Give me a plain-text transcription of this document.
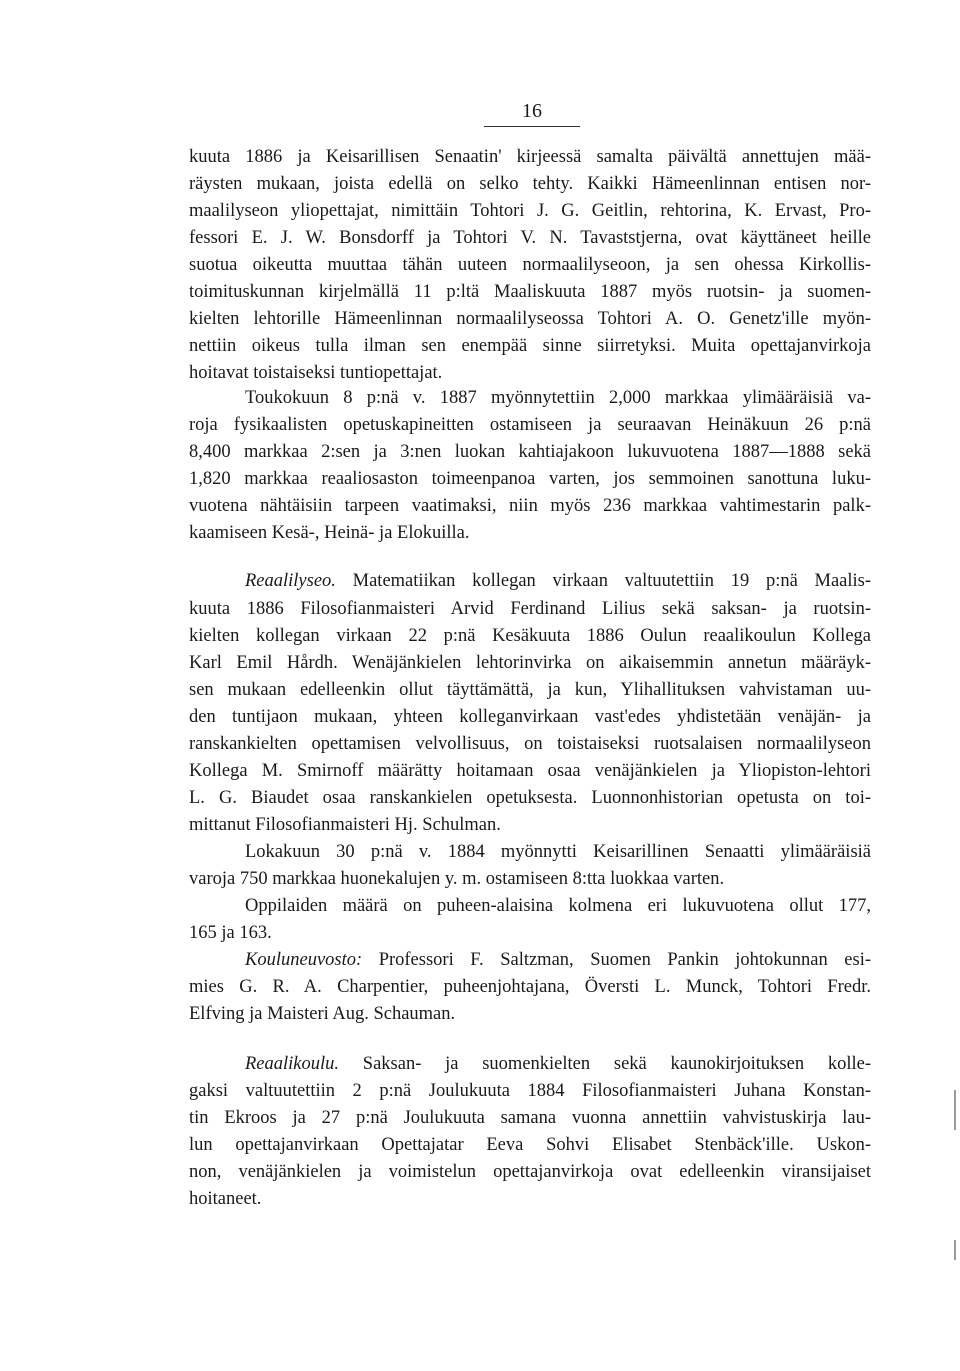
16
kuuta 1886 ja Keisarillisen Senaatin' kirjeessä samalta päivältä annettujen mää-
räysten mukaan, joista edellä on selko tehty. Kaikki Hämeenlinnan entisen nor-
maalilyseon yliopettajat, nimittäin Tohtori J. G. Geitlin, rehtorina, K. Ervast, Pro-
fessori E. J. W. Bonsdorff ja Tohtori V. N. Tavaststjerna, ovat käyttäneet heille
suotua oikeutta muuttaa tähän uuteen normaalilyseoon, ja sen ohessa Kirkollis-
toimituskunnan kirjelmällä 11 p:ltä Maaliskuuta 1887 myös ruotsin- ja suomen-
kielten lehtorille Hämeenlinnan normaalilyseossa Tohtori A. O. Genetz'ille myön-
nettiin oikeus tulla ilman sen enempää sinne siirretyksi. Muita opettajanvirkoja
hoitavat toistaiseksi tuntiopettajat.
Toukokuun 8 p:nä v. 1887 myönnytettiin 2,000 markkaa ylimääräisiä va-
roja fysikaalisten opetuskapineitten ostamiseen ja seuraavan Heinäkuun 26 p:nä
8,400 markkaa 2:sen ja 3:nen luokan kahtiajakoon lukuvuotena 1887—1888 sekä
1,820 markkaa reaaliosaston toimeenpanoa varten, jos semmoinen sanottuna luku-
vuotena nähtäisiin tarpeen vaatimaksi, niin myös 236 markkaa vahtimestarin palk-
kaamiseen Kesä-, Heinä- ja Elokuilla.
Reaalilyseo. Matematiikan kollegan virkaan valtuutettiin 19 p:nä Maalis-
kuuta 1886 Filosofianmaisteri Arvid Ferdinand Lilius sekä saksan- ja ruotsin-
kielten kollegan virkaan 22 p:nä Kesäkuuta 1886 Oulun reaalikoulun Kollega
Karl Emil Hårdh. Wenäjänkielen lehtorinvirka on aikaisemmin annetun määräyk-
sen mukaan edelleenkin ollut täyttämättä, ja kun, Ylihallituksen vahvistaman uu-
den tuntijaon mukaan, yhteen kolleganvirkaan vast'edes yhdistetään venäjän- ja
ranskankielten opettamisen velvollisuus, on toistaiseksi ruotsalaisen normaalilyseon
Kollega M. Smirnoff määrätty hoitamaan osaa venäjänkielen ja Yliopiston-lehtori
L. G. Biaudet osaa ranskankielen opetuksesta. Luonnonhistorian opetusta on toi-
mittanut Filosofianmaisteri Hj. Schulman.
Lokakuun 30 p:nä v. 1884 myönnytti Keisarillinen Senaatti ylimääräisiä
varoja 750 markkaa huonekalujen y. m. ostamiseen 8:tta luokkaa varten.
Oppilaiden määrä on puheen-alaisina kolmena eri lukuvuotena ollut 177,
165 ja 163.
Kouluneuvosto: Professori F. Saltzman, Suomen Pankin johtokunnan esi-
mies G. R. A. Charpentier, puheenjohtajana, Översti L. Munck, Tohtori Fredr.
Elfving ja Maisteri Aug. Schauman.
Reaalikoulu. Saksan- ja suomenkielten sekä kaunokirjoituksen kolle-
gaksi valtuutettiin 2 p:nä Joulukuuta 1884 Filosofianmaisteri Juhana Konstan-
tin Ekroos ja 27 p:nä Joulukuuta samana vuonna annettiin vahvistuskirja lau-
lun opettajanvirkaan Opettajatar Eeva Sohvi Elisabet Stenbäck'ille. Uskon-
non, venäjänkielen ja voimistelun opettajanvirkoja ovat edelleenkin viransijaiset
hoitaneet.
